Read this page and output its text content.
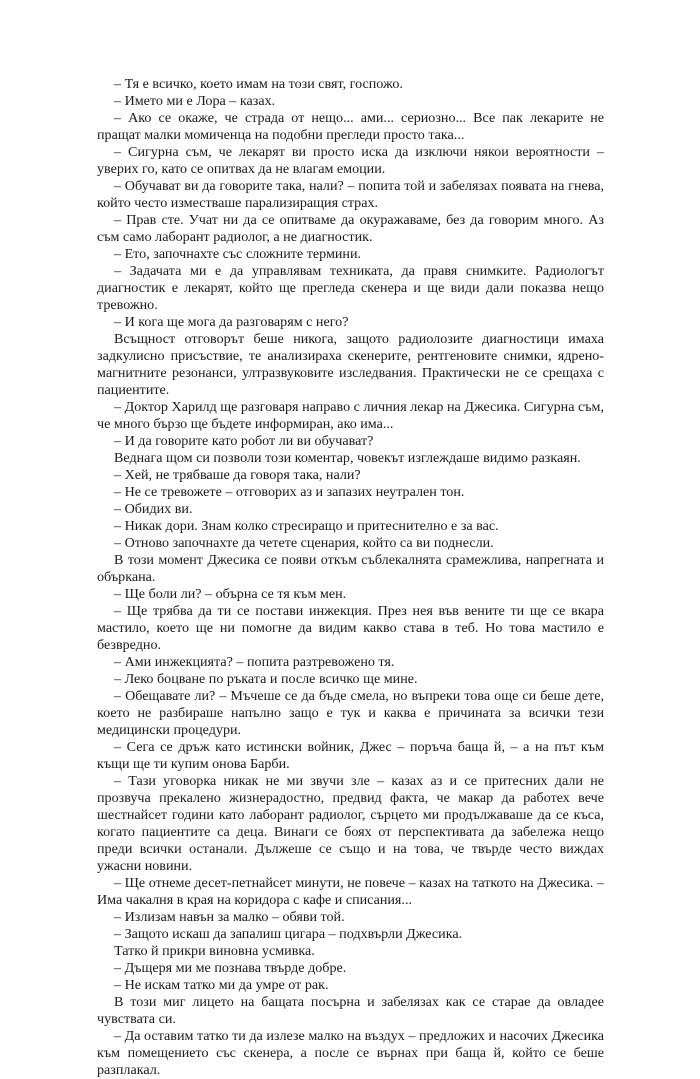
– Тя е всичко, което имам на този свят, госпожо.

– Името ми е Лора – казах.

– Ако се окаже, че страда от нещо... ами... сериозно... Все пак лекарите не пращат малки момиченца на подобни прегледи просто така...

– Сигурна съм, че лекарят ви просто иска да изключи някои вероятности – уверих го, като се опитвах да не влагам емоции.

– Обучават ви да говорите така, нали? – попита той и забелязах появата на гнева, който често изместваше парализиращия страх.

– Прав сте. Учат ни да се опитваме да окуражаваме, без да говорим много. Аз съм само лаборант радиолог, а не диагностик.

– Ето, започнахте със сложните термини.

– Задачата ми е да управлявам техниката, да правя снимките. Радиологът диагностик е лекарят, който ще прегледа скенера и ще види дали показва нещо тревожно.

– И кога ще мога да разговарям с него?

Всъщност отговорът беше никога, защото радиолозите диагностици имаха задкулисно присъствие, те анализираха скенерите, рентгеновите снимки, ядрено-магнитните резонанси, ултразвуковите изследвания. Практически не се срещаха с пациентите.

– Доктор Харилд ще разговаря направо с личния лекар на Джесика. Сигурна съм, че много бързо ще бъдете информиран, ако има...

– И да говорите като робот ли ви обучават?

Веднага щом си позволи този коментар, човекът изглеждаше видимо разкаян.

– Хей, не трябваше да говоря така, нали?

– Не се тревожете – отговорих аз и запазих неутрален тон.

– Обидих ви.

– Никак дори. Знам колко стресиращо и притеснително е за вас.

– Отново започнахте да четете сценария, който са ви поднесли.

В този момент Джесика се появи откъм съблекалнята срамежлива, напрегната и объркана.

– Ще боли ли? – обърна се тя към мен.

– Ще трябва да ти се постави инжекция. През нея във вените ти ще се вкара мастило, което ще ни помогне да видим какво става в теб. Но това мастило е безвредно.

– Ами инжекцията? – попита разтревожено тя.

– Леко боцване по ръката и после всичко ще мине.

– Обещавате ли? – Мъчеше се да бъде смела, но въпреки това още си беше дете, което не разбираше напълно защо е тук и каква е причината за всички тези медицински процедури.

– Сега се дръж като истински войник, Джес – поръча баща й, – а на път към къщи ще ти купим онова Барби.

– Тази уговорка никак не ми звучи зле – казах аз и се притесних дали не прозвуча прекалено жизнерадостно, предвид факта, че макар да работех вече шестнайсет години като лаборант радиолог, сърцето ми продължаваше да се къса, когато пациентите са деца. Винаги се боях от перспективата да забележа нещо преди всички останали. Дължеше се също и на това, че твърде често виждах ужасни новини.

– Ще отнеме десет-петнайсет минути, не повече – казах на таткото на Джесика. – Има чакалня в края на коридора с кафе и списания...

– Излизам навън за малко – обяви той.

– Защото искаш да запалиш цигара – подхвърли Джесика.

Татко й прикри виновна усмивка.

– Дъщеря ми ме познава твърде добре.

– Не искам татко ми да умре от рак.

В този миг лицето на бащата посърна и забелязах как се старае да овладее чувствата си.

– Да оставим татко ти да излезе малко на въздух – предложих и насочих Джесика към помещението със скенера, а после се върнах при баща й, който се беше разплакал.
